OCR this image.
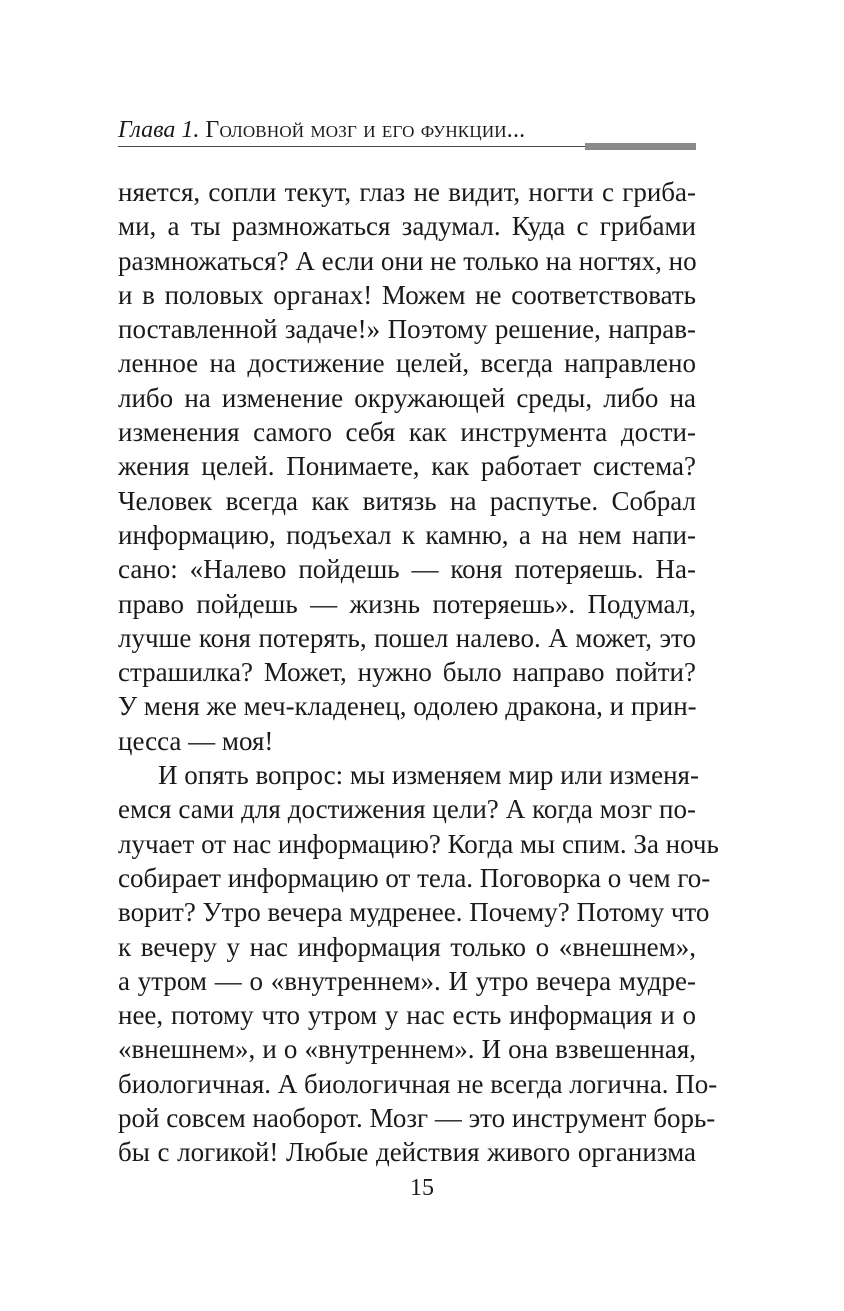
Глава 1. Головной мозг и его функции...
няется, сопли текут, глаз не видит, ногти с гриба-
ми, а ты размножаться задумал. Куда с грибами
размножаться? А если они не только на ногтях, но
и в половых органах! Можем не соответствовать
поставленной задаче!» Поэтому решение, направ-
ленное на достижение целей, всегда направлено
либо на изменение окружающей среды, либо на
изменения самого себя как инструмента дости-
жения целей. Понимаете, как работает система?
Человек всегда как витязь на распутье. Собрал
информацию, подъехал к камню, а на нем напи-
сано: «Налево пойдешь — коня потеряешь. На-
право пойдешь — жизнь потеряешь». Подумал,
лучше коня потерять, пошел налево. А может, это
страшилка? Может, нужно было направо пойти?
У меня же меч-кладенец, одолею дракона, и прин-
цесса — моя!
И опять вопрос: мы изменяем мир или изменя-
емся сами для достижения цели? А когда мозг по-
лучает от нас информацию? Когда мы спим. За ночь
собирает информацию от тела. Поговорка о чем го-
ворит? Утро вечера мудренее. Почему? Потому что
к вечеру у нас информация только о «внешнем»,
а утром — о «внутреннем». И утро вечера мудре-
нее, потому что утром у нас есть информация и о
«внешнем», и о «внутреннем». И она взвешенная,
биологичная. А биологичная не всегда логична. По-
рой совсем наоборот. Мозг — это инструмент борь-
бы с логикой! Любые действия живого организма
15
